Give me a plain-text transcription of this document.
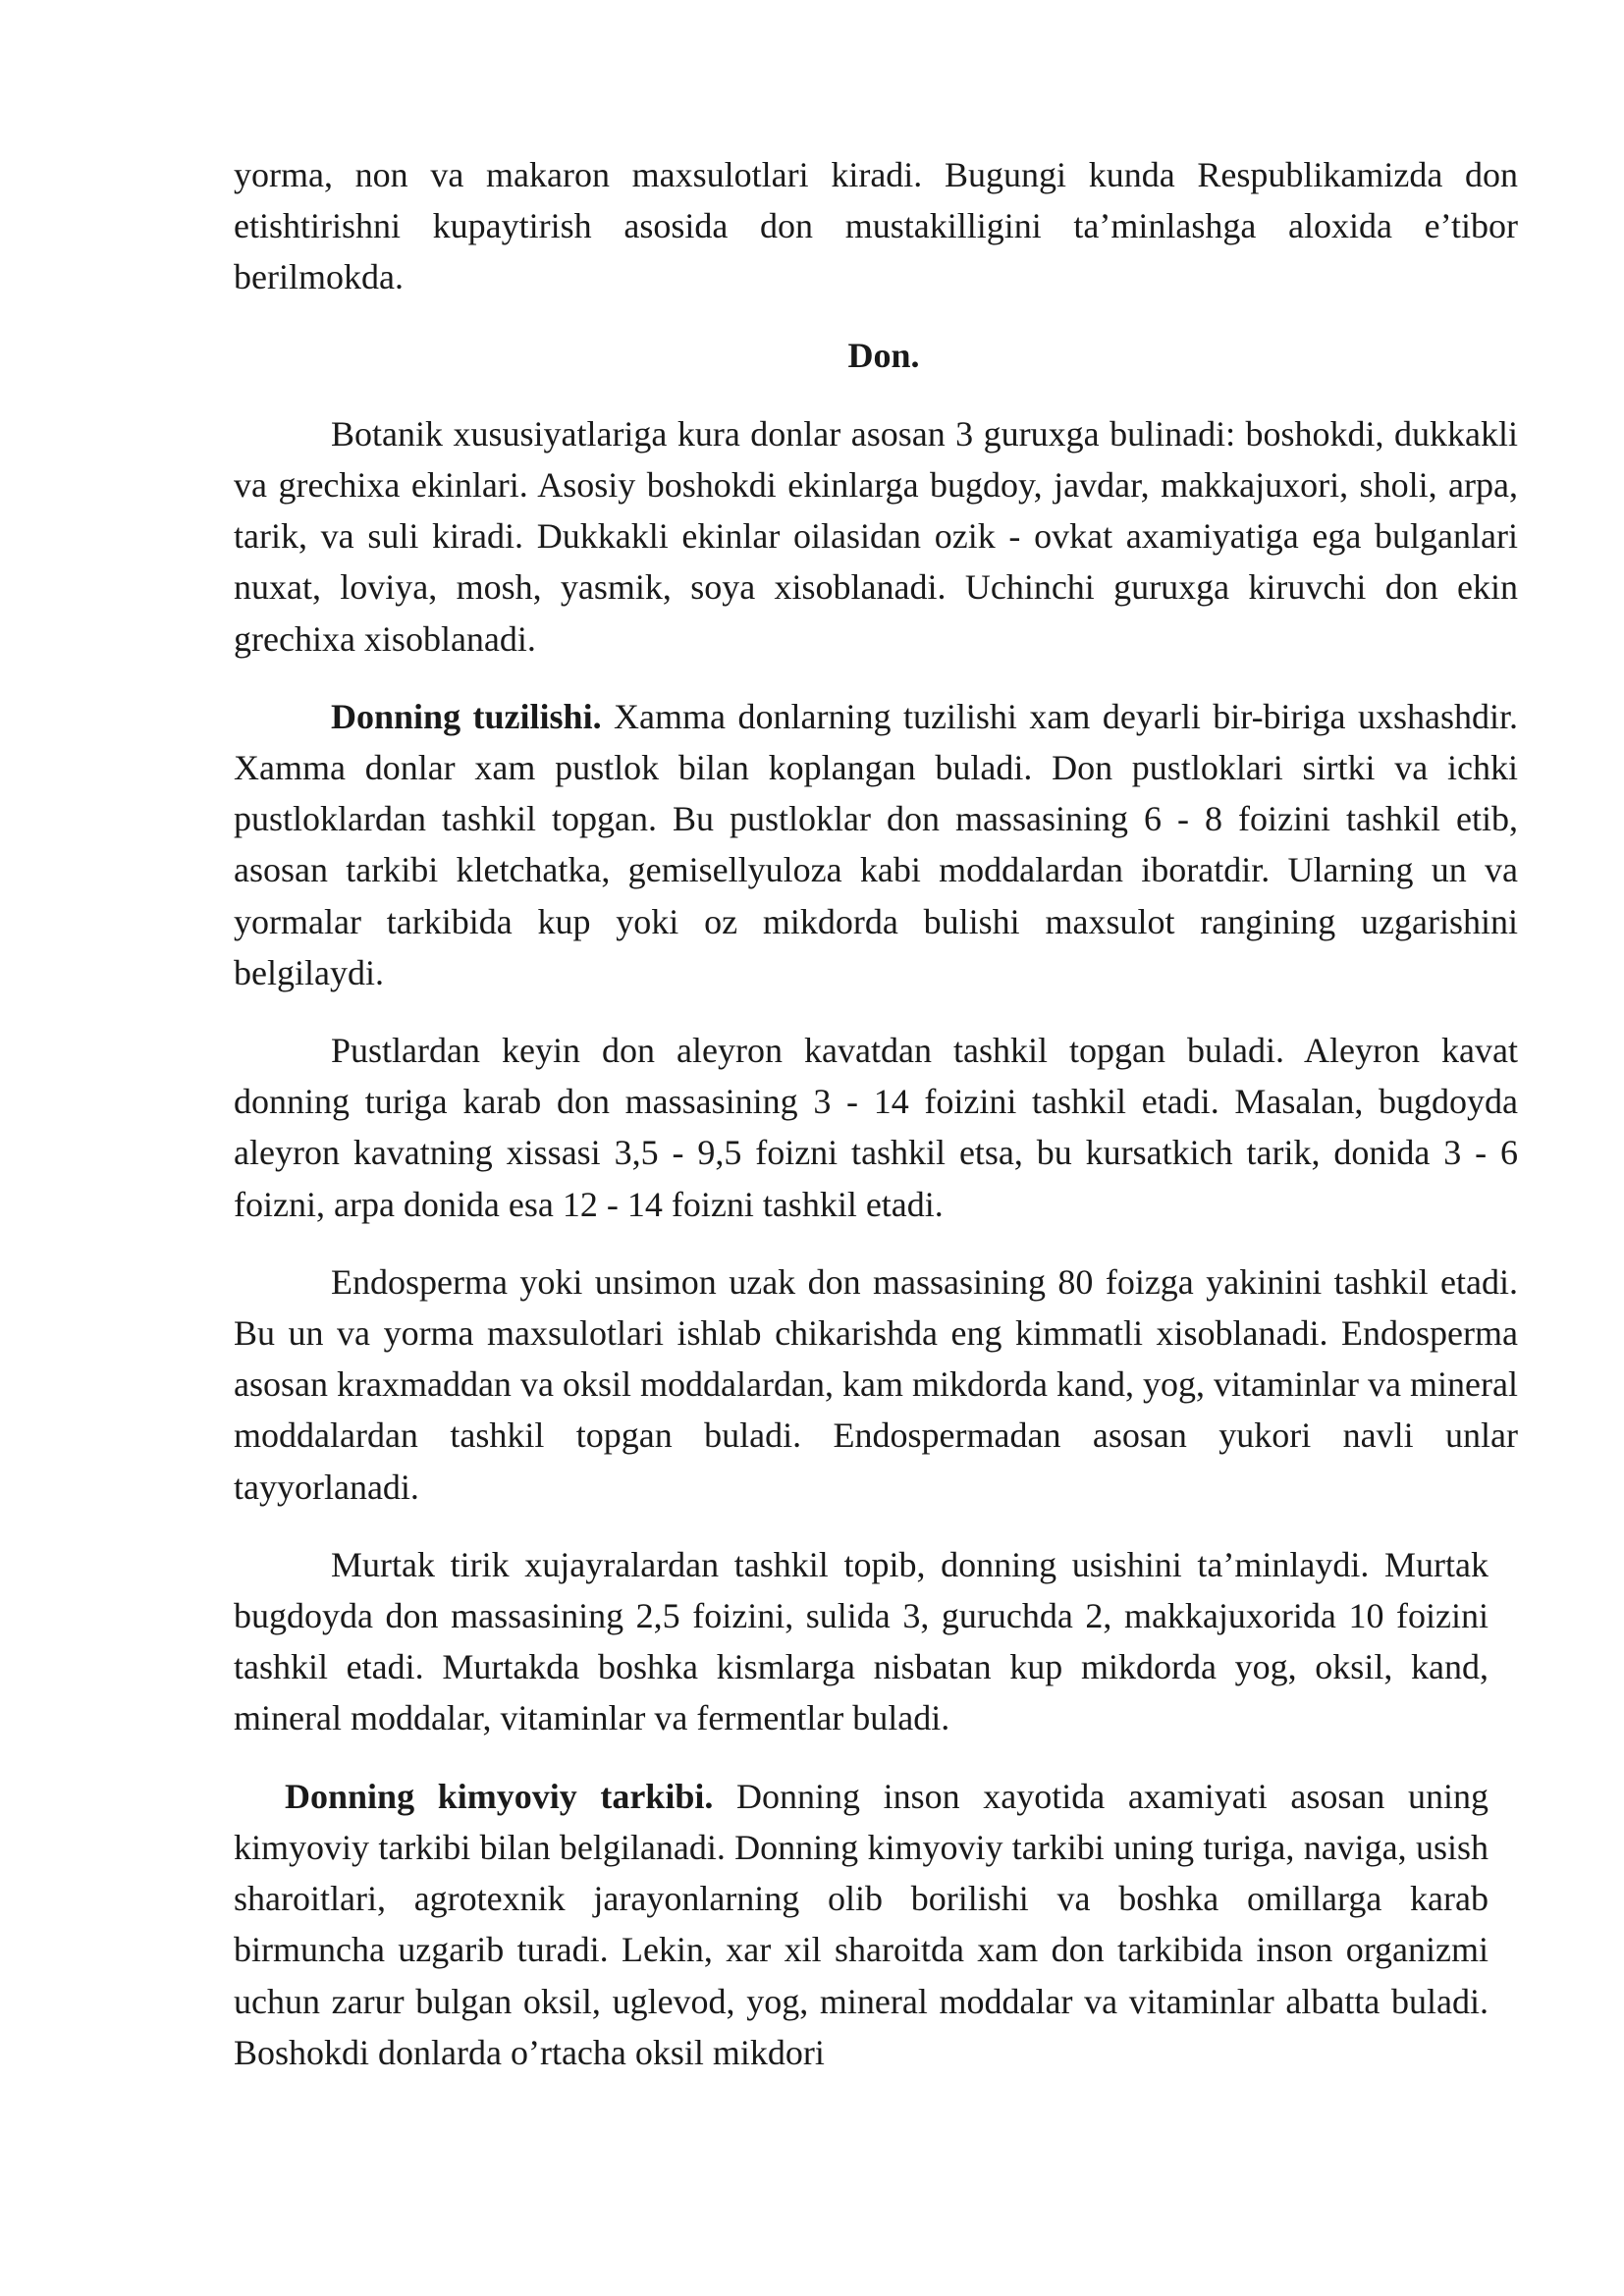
yorma, non va makaron maxsulotlari kiradi. Bugungi kunda Respublikamizda don etishtirishni kupaytirish asosida don mustakilligini ta’minlashga aloxida e’tibor berilmokda.

Don.

Botanik xususiyatlariga kura donlar asosan 3 guruxga bulinadi: boshokdi, dukkakli va grechixa ekinlari. Asosiy boshokdi ekinlarga bugdoy, javdar, makkajuxori, sholi, arpa, tarik, va suli kiradi. Dukkakli ekinlar oilasidan ozik - ovkat axamiyatiga ega bulganlari nuxat, loviya, mosh, yasmik, soya xisoblanadi. Uchinchi guruxga kiruvchi don ekin grechixa xisoblanadi.

Donning tuzilishi. Xamma donlarning tuzilishi xam deyarli bir-biriga uxshashdir. Xamma donlar xam pustlok bilan koplangan buladi. Don pustloklari sirtki va ichki pustloklardan tashkil topgan. Bu pustloklar don massasining 6 - 8 foizini tashkil etib, asosan tarkibi kletchatka, gemisellyuloza kabi moddalardan iboratdir. Ularning un va yormalar tarkibida kup yoki oz mikdorda bulishi maxsulot rangining uzgarishini belgilaydi.

Pustlardan keyin don aleyron kavatdan tashkil topgan buladi. Aleyron kavat donning turiga karab don massasining 3 - 14 foizini tashkil etadi. Masalan, bugdoyda aleyron kavatning xissasi 3,5 - 9,5 foizni tashkil etsa, bu kursatkich tarik, donida 3 - 6 foizni, arpa donida esa 12 - 14 foizni tashkil etadi.

Endosperma yoki unsimon uzak don massasining 80 foizga yakinini tashkil etadi. Bu un va yorma maxsulotlari ishlab chikarishda eng kimmatli xisoblanadi. Endosperma asosan kraxmaddan va oksil moddalardan, kam mikdorda kand, yog, vitaminlar va mineral moddalardan tashkil topgan buladi. Endospermadan asosan yukori navli unlar tayyorlanadi.

Murtak tirik xujayralardan tashkil topib, donning usishini ta’minlaydi. Murtak bugdoyda don massasining 2,5 foizini, sulida 3, guruchda 2, makkajuxorida 10 foizini tashkil etadi. Murtakda boshka kismlarga nisbatan kup mikdorda yog, oksil, kand, mineral moddalar, vitaminlar va fermentlar buladi.

Donning kimyoviy tarkibi. Donning inson xayotida axamiyati asosan uning kimyoviy tarkibi bilan belgilanadi. Donning kimyoviy tarkibi uning turiga, naviga, usish sharoitlari, agrotexnik jarayonlarning olib borilishi va boshka omillarga karab birmuncha uzgarib turadi. Lekin, xar xil sharoitda xam don tarkibida inson organizmi uchun zarur bulgan oksil, uglevod, yog, mineral moddalar va vitaminlar albatta buladi. Boshokdi donlarda o’rtacha oksil mikdori
